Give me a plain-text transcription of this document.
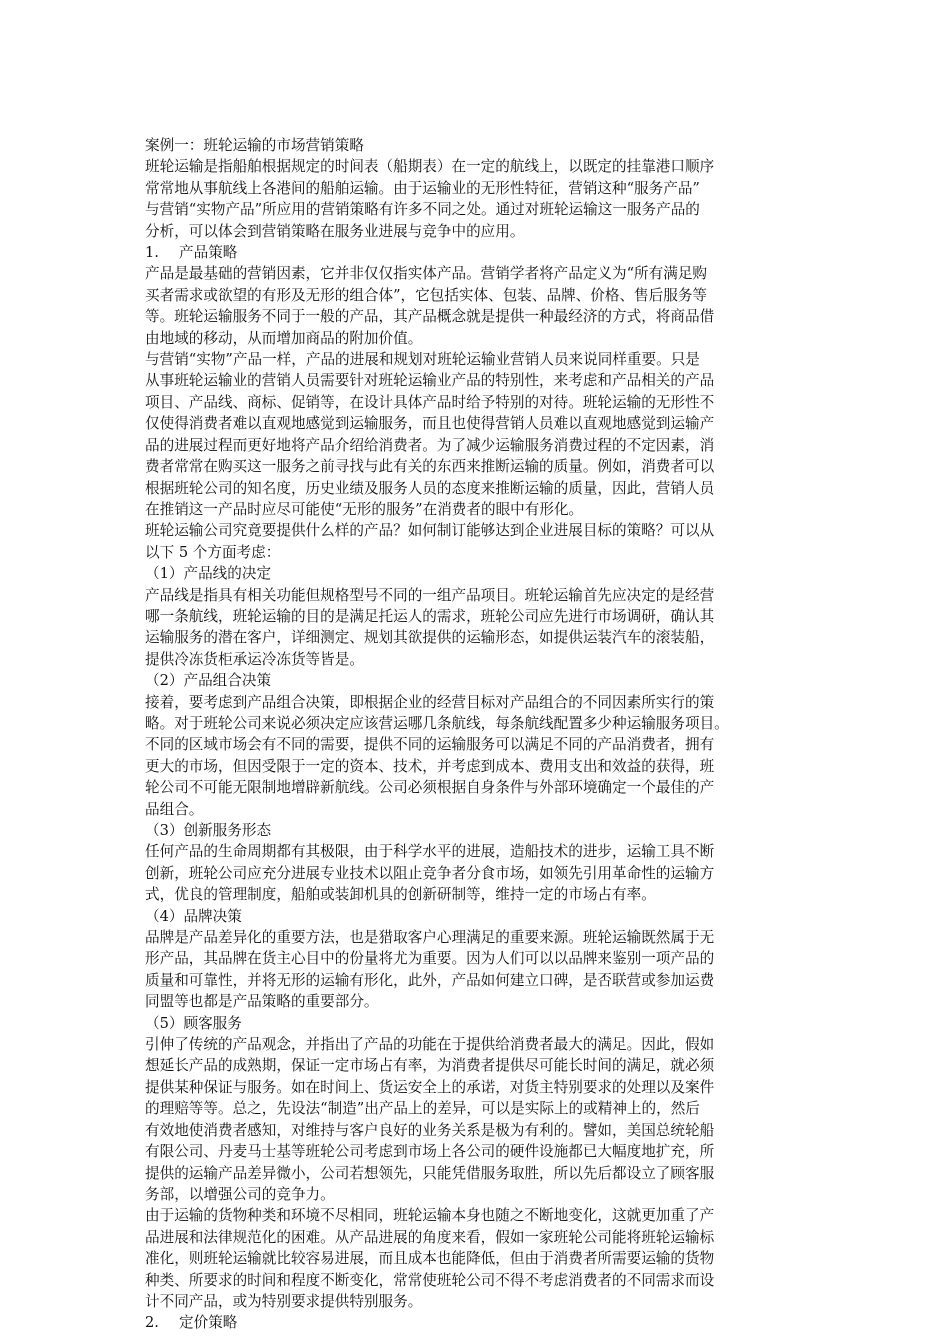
案例一：班轮运输的市场营销策略
班轮运输是指船舶根据规定的时间表（船期表）在一定的航线上，以既定的挂靠港口顺序
常常地从事航线上各港间的船舶运输。由于运输业的无形性特征，营销这种“服务产品”
与营销“实物产品”所应用的营销策略有许多不同之处。通过对班轮运输这一服务产品的
分析，可以体会到营销策略在服务业进展与竞争中的应用。
1. 产品策略
产品是最基础的营销因素，它并非仅仅指实体产品。营销学者将产品定义为“所有满足购
买者需求或欲望的有形及无形的组合体”，它包括实体、包装、品牌、价格、售后服务等
等。班轮运输服务不同于一般的产品，其产品概念就是提供一种最经济的方式，将商品借
由地域的移动，从而增加商品的附加价值。
与营销“实物”产品一样，产品的进展和规划对班轮运输业营销人员来说同样重要。只是
从事班轮运输业的营销人员需要针对班轮运输业产品的特别性，来考虑和产品相关的产品
项目、产品线、商标、促销等，在设计具体产品时给予特别的对待。班轮运输的无形性不
仅使得消费者难以直观地感觉到运输服务，而且也使得营销人员难以直观地感觉到运输产
品的进展过程而更好地将产品介绍给消费者。为了减少运输服务消费过程的不定因素，消
费者常常在购买这一服务之前寻找与此有关的东西来推断运输的质量。例如，消费者可以
根据班轮公司的知名度，历史业绩及服务人员的态度来推断运输的质量，因此，营销人员
在推销这一产品时应尽可能使“无形的服务”在消费者的眼中有形化。
班轮运输公司究竟要提供什么样的产品？如何制订能够达到企业进展目标的策略？可以从
以下 5 个方面考虑：
（1）产品线的决定
产品线是指具有相关功能但规格型号不同的一组产品项目。班轮运输首先应决定的是经营
哪一条航线，班轮运输的目的是满足托运人的需求，班轮公司应先进行市场调研，确认其
运输服务的潜在客户，详细测定、规划其欲提供的运输形态，如提供运装汽车的滚装船，
提供冷冻货柜承运冷冻货等皆是。
（2）产品组合决策
接着，要考虑到产品组合决策，即根据企业的经营目标对产品组合的不同因素所实行的策
略。对于班轮公司来说必须决定应该营运哪几条航线，每条航线配置多少种运输服务项目。
不同的区域市场会有不同的需要，提供不同的运输服务可以满足不同的产品消费者，拥有
更大的市场，但因受限于一定的资本、技术，并考虑到成本、费用支出和效益的获得，班
轮公司不可能无限制地增辟新航线。公司必须根据自身条件与外部环境确定一个最佳的产
品组合。
（3）创新服务形态
任何产品的生命周期都有其极限，由于科学水平的进展，造船技术的进步，运输工具不断
创新，班轮公司应充分进展专业技术以阻止竞争者分食市场，如领先引用革命性的运输方
式，优良的管理制度，船舶或装卸机具的创新研制等，维持一定的市场占有率。
（4）品牌决策
品牌是产品差异化的重要方法，也是猎取客户心理满足的重要来源。班轮运输既然属于无
形产品，其品牌在货主心目中的份量将尤为重要。因为人们可以以品牌来鉴别一项产品的
质量和可靠性，并将无形的运输有形化，此外，产品如何建立口碑，是否联营或参加运费
同盟等也都是产品策略的重要部分。
（5）顾客服务
引伸了传统的产品观念，并指出了产品的功能在于提供给消费者最大的满足。因此，假如
想延长产品的成熟期，保证一定市场占有率，为消费者提供尽可能长时间的满足，就必须
提供某种保证与服务。如在时间上、货运安全上的承诺，对货主特别要求的处理以及案件
的理赔等等。总之，先设法“制造”出产品上的差异，可以是实际上的或精神上的，然后
有效地使消费者感知，对维持与客户良好的业务关系是极为有利的。譬如，美国总统轮船
有限公司、丹麦马士基等班轮公司考虑到市场上各公司的硬件设施都已大幅度地扩充，所
提供的运输产品差异微小，公司若想领先，只能凭借服务取胜，所以先后都设立了顾客服
务部，以增强公司的竞争力。
由于运输的货物种类和环境不尽相同，班轮运输本身也随之不断地变化，这就更加重了产
品进展和法律规范化的困难。从产品进展的角度来看，假如一家班轮公司能将班轮运输标
准化，则班轮运输就比较容易进展，而且成本也能降低，但由于消费者所需要运输的货物
种类、所要求的时间和程度不断变化，常常使班轮公司不得不考虑消费者的不同需求而设
计不同产品，或为特别要求提供特别服务。
2. 定价策略
